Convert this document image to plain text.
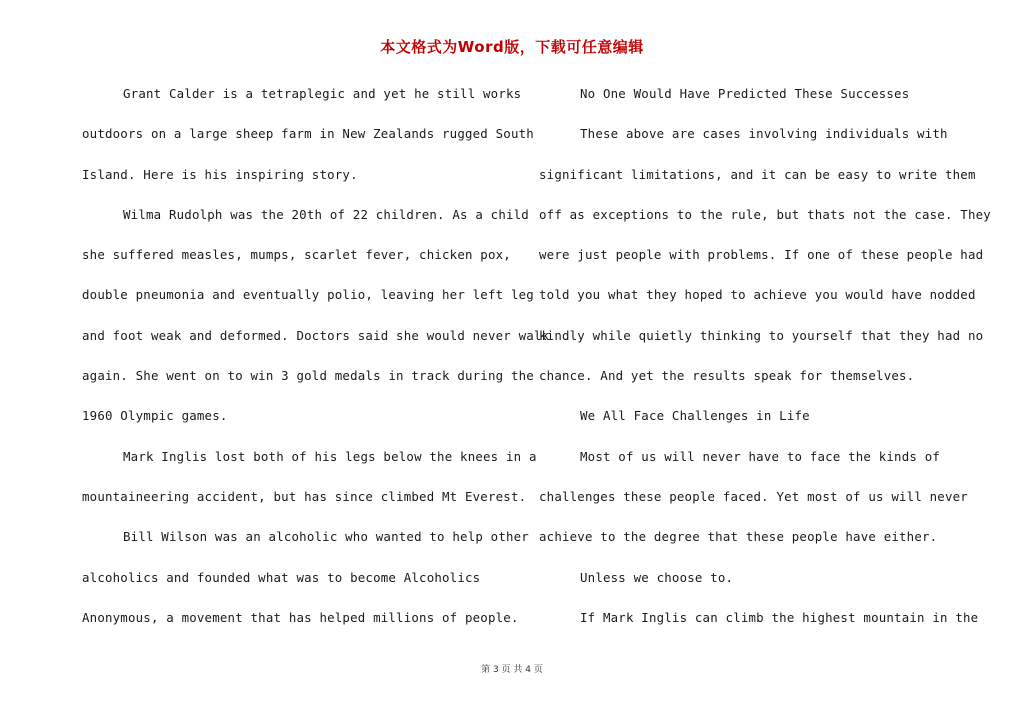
本文格式为Word版，下载可任意编辑
Grant Calder is a tetraplegic and yet he still works
outdoors on a large sheep farm in New Zealands rugged South
Island. Here is his inspiring story.
Wilma Rudolph was the 20th of 22 children. As a child
she suffered measles, mumps, scarlet fever, chicken pox,
double pneumonia and eventually polio, leaving her left leg
and foot weak and deformed. Doctors said she would never walk
again. She went on to win 3 gold medals in track during the
1960 Olympic games.
Mark Inglis lost both of his legs below the knees in a
mountaineering accident, but has since climbed Mt Everest.
Bill Wilson was an alcoholic who wanted to help other
alcoholics and founded what was to become Alcoholics
Anonymous, a movement that has helped millions of people.
No One Would Have Predicted These Successes
These above are cases involving individuals with
significant limitations, and it can be easy to write them
off as exceptions to the rule, but thats not the case. They
were just people with problems. If one of these people had
told you what they hoped to achieve you would have nodded
kindly while quietly thinking to yourself that they had no
chance. And yet the results speak for themselves.
We All Face Challenges in Life
Most of us will never have to face the kinds of
challenges these people faced. Yet most of us will never
achieve to the degree that these people have either.
Unless we choose to.
If Mark Inglis can climb the highest mountain in the
第 3 页 共 4 页
